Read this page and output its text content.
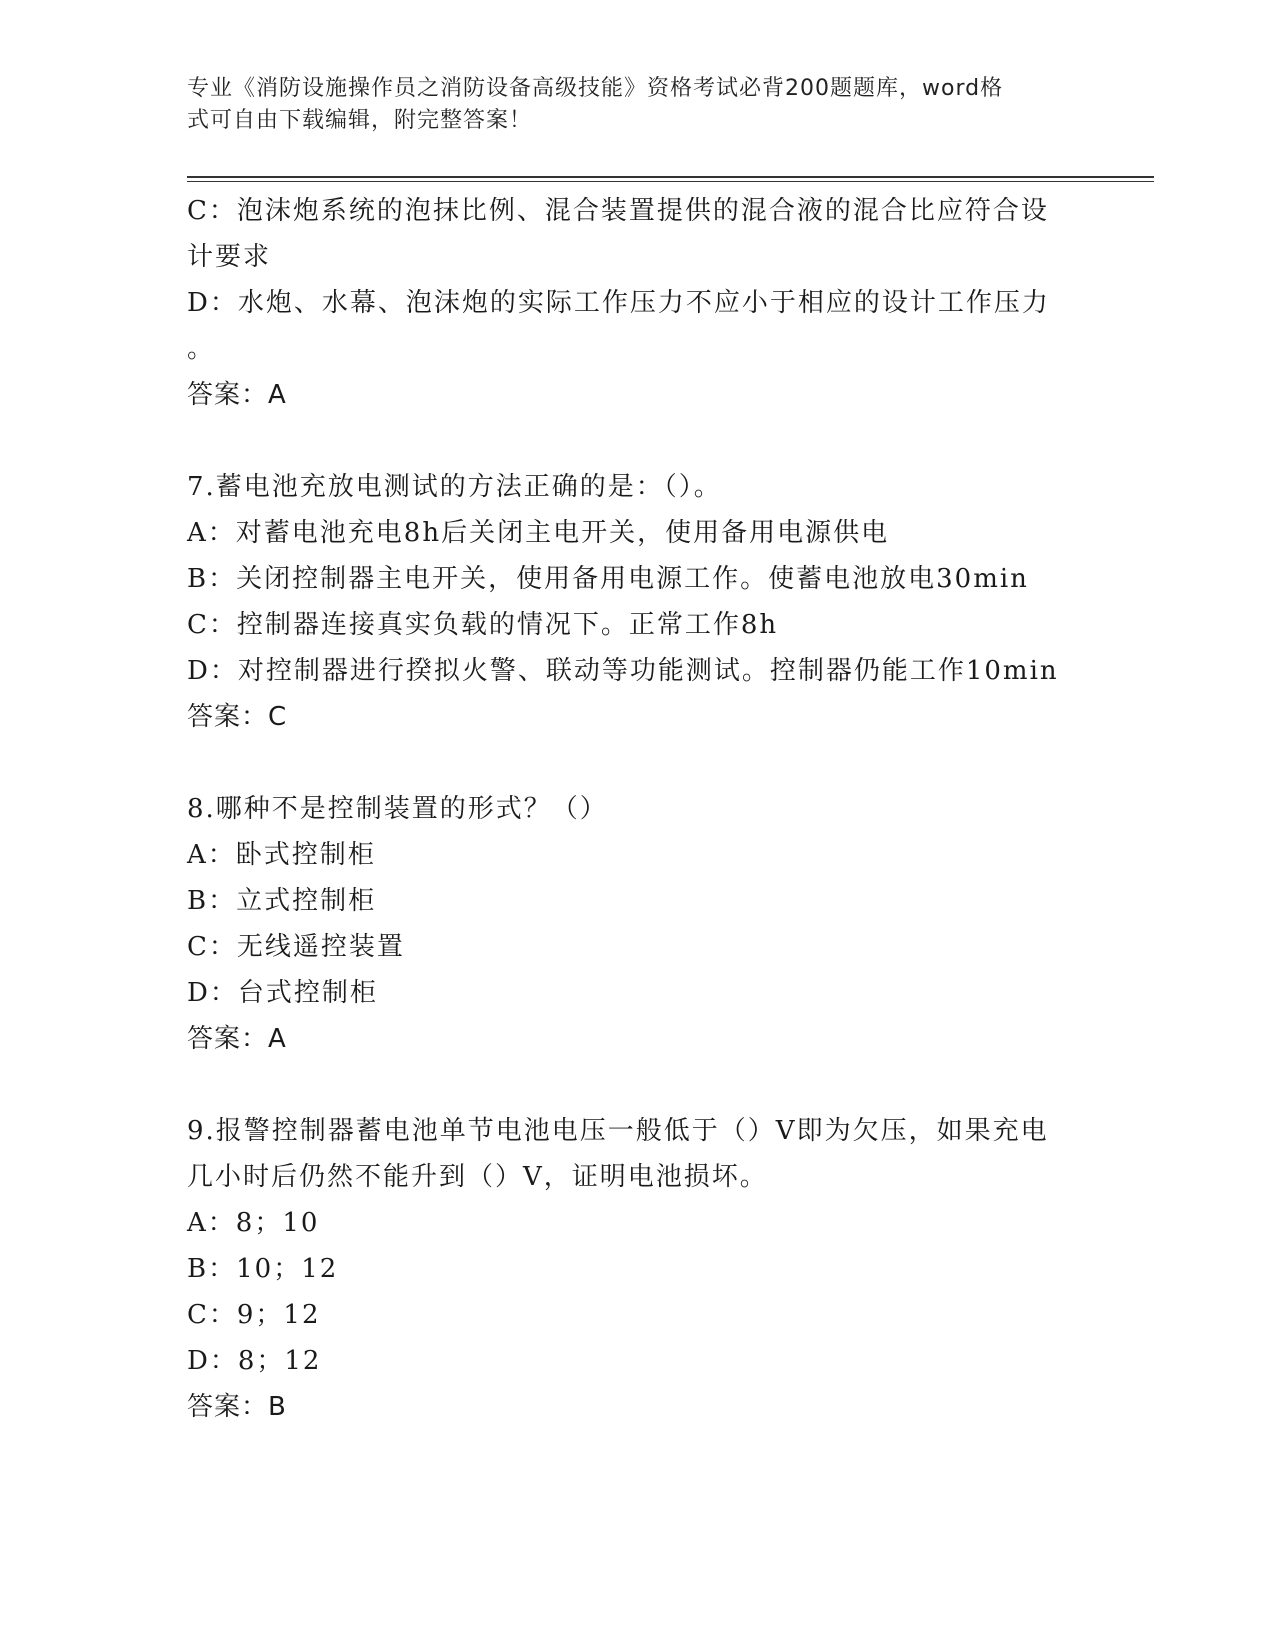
专业《消防设施操作员之消防设备高级技能》资格考试必背200题题库，word格
式可自由下载编辑，附完整答案！
C：泡沫炮系统的泡抹比例、混合装置提供的混合液的混合比应符合设
计要求
D：水炮、水幕、泡沫炮的实际工作压力不应小于相应的设计工作压力
。
答案：A
7.蓄电池充放电测试的方法正确的是：（）。
A：对蓄电池充电8h后关闭主电开关，使用备用电源供电
B：关闭控制器主电开关，使用备用电源工作。使蓄电池放电30min
C：控制器连接真实负载的情况下。正常工作8h
D：对控制器进行揆拟火警、联动等功能测试。控制器仍能工作10min
答案：C
8.哪种不是控制装置的形式？（）
A：卧式控制柜
B：立式控制柜
C：无线遥控装置
D：台式控制柜
答案：A
9.报警控制器蓄电池单节电池电压一般低于（）V即为欠压，如果充电
几小时后仍然不能升到（）V，证明电池损坏。
A：8；10
B：10；12
C：9；12
D：8；12
答案：B
